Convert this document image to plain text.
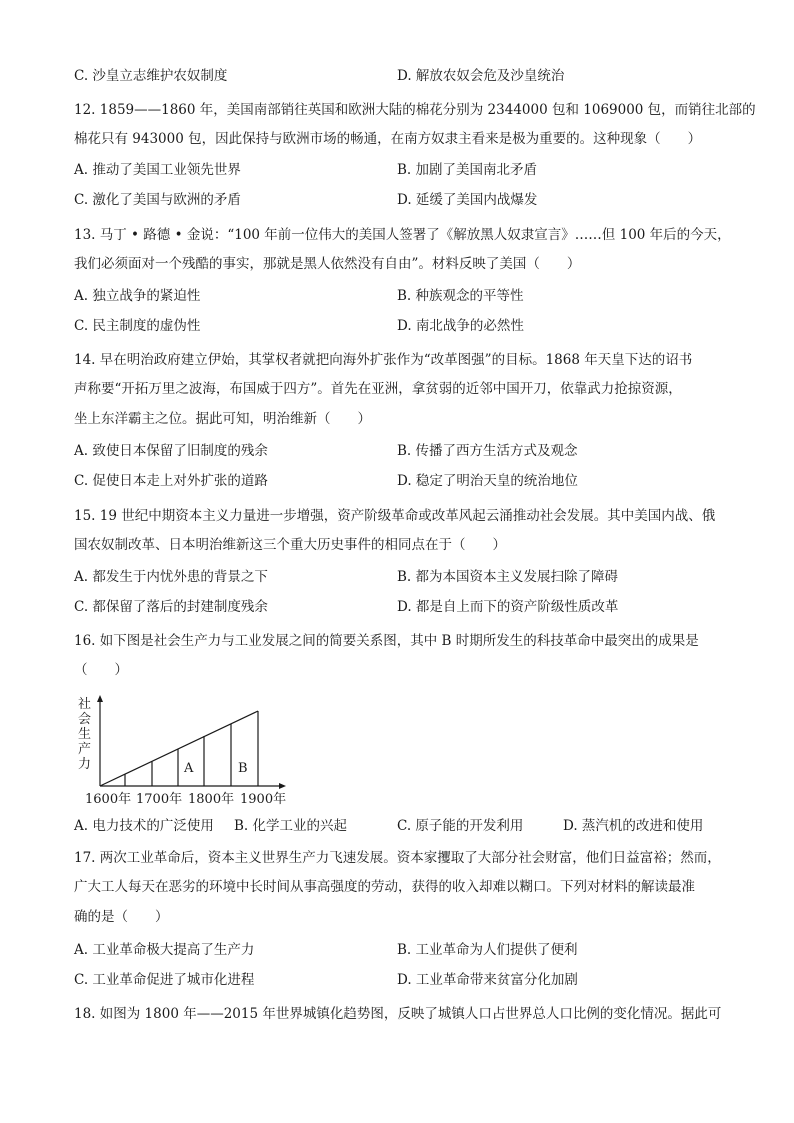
C. 沙皇立志维护农奴制度	D. 解放农奴会危及沙皇统治
12. 1859——1860 年，美国南部销往英国和欧洲大陆的棉花分别为 2344000 包和 1069000 包，而销往北部的
棉花只有 943000 包，因此保持与欧洲市场的畅通，在南方奴隶主看来是极为重要的。这种现象（　　）
A. 推动了美国工业领先世界	B. 加剧了美国南北矛盾
C. 激化了美国与欧洲的矛盾	D. 延缓了美国内战爆发
13. 马丁 • 路德 • 金说：“100 年前一位伟大的美国人签署了《解放黑人奴隶宣言》……但 100 年后的今天，
我们必须面对一个残酷的事实，那就是黑人依然没有自由”。材料反映了美国（　　）
A. 独立战争的紧迫性	B. 种族观念的平等性
C. 民主制度的虚伪性	D. 南北战争的必然性
14. 早在明治政府建立伊始，其掌权者就把向海外扩张作为“改革图强”的目标。1868 年天皇下达的诏书
声称要“开拓万里之波海，布国威于四方”。首先在亚洲，拿贫弱的近邻中国开刀，依靠武力抢掠资源，
坐上东洋霸主之位。据此可知，明治维新（　　）
A. 致使日本保留了旧制度的残余	B. 传播了西方生活方式及观念
C. 促使日本走上对外扩张的道路	D. 稳定了明治天皇的统治地位
15. 19 世纪中期资本主义力量进一步增强，资产阶级革命或改革风起云涌推动社会发展。其中美国内战、俄
国农奴制改革、日本明治维新这三个重大历史事件的相同点在于（　　）
A. 都发生于内忧外患的背景之下	B. 都为本国资本主义发展扫除了障碍
C. 都保留了落后的封建制度残余	D. 都是自上而下的资产阶级性质改革
16. 如下图是社会生产力与工业发展之间的简要关系图，其中 B 时期所发生的科技革命中最突出的成果是
（　　）
社
会
生
产
力	A	B
1600年 1700年 1800年 1900年
A. 电力技术的广泛使用 B. 化学工业的兴起	C. 原子能的开发利用	D. 蒸汽机的改进和使用
17. 两次工业革命后，资本主义世界生产力飞速发展。资本家攫取了大部分社会财富，他们日益富裕；然而，
广大工人每天在恶劣的环境中长时间从事高强度的劳动，获得的收入却难以糊口。下列对材料的解读最准
确的是（　　）
A. 工业革命极大提高了生产力	B. 工业革命为人们提供了便利
C. 工业革命促进了城市化进程	D. 工业革命带来贫富分化加剧
18. 如图为 1800 年——2015 年世界城镇化趋势图，反映了城镇人口占世界总人口比例的变化情况。据此可
